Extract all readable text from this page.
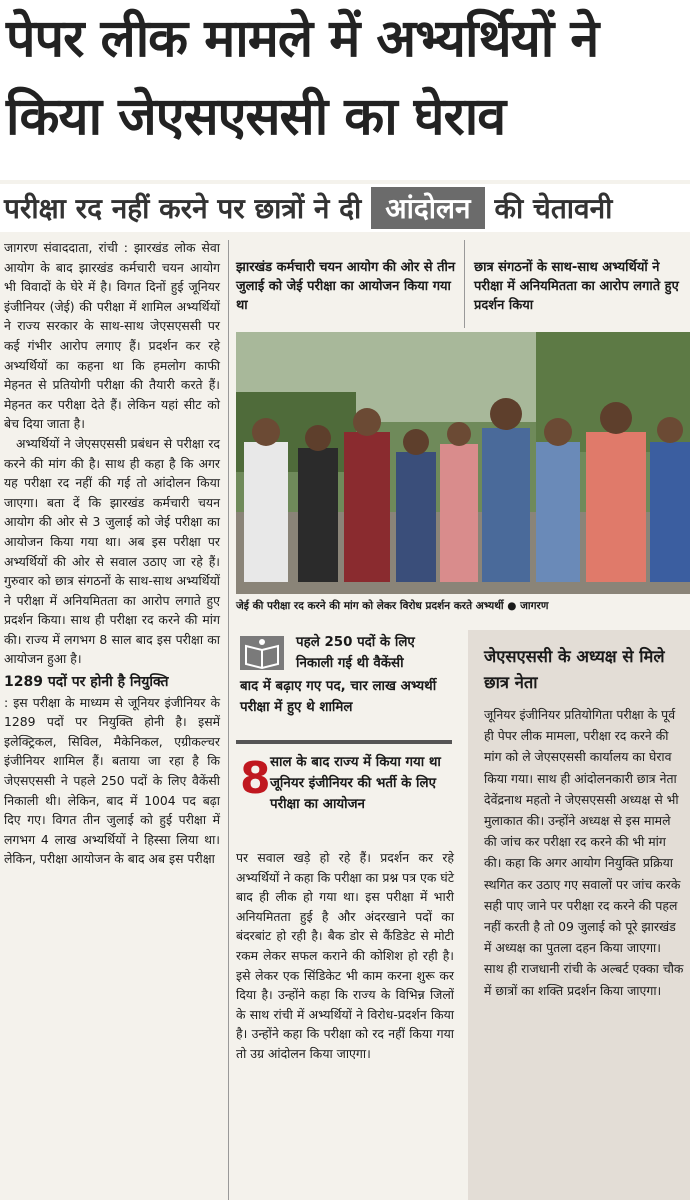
पेपर लीक मामले में अभ्यर्थियों ने
किया जेएसएससी का घेराव
परीक्षा रद नहीं करने पर छात्रों ने दी आंदोलन की चेतावनी

जागरण संवाददाता, रांची : झारखंड लोक सेवा आयोग के बाद झारखंड कर्मचारी चयन आयोग भी विवादों के घेरे में है। विगत दिनों हुई जूनियर इंजीनियर (जेई) की परीक्षा में शामिल अभ्यर्थियों ने राज्य सरकार के साथ-साथ जेएसएससी पर कई गंभीर आरोप लगाए हैं। प्रदर्शन कर रहे अभ्यर्थियों का कहना था कि हमलोग काफी मेहनत से प्रतियोगी परीक्षा की तैयारी करते हैं। मेहनत कर परीक्षा देते हैं। लेकिन यहां सीट को बेच दिया जाता है।

अभ्यर्थियों ने जेएसएससी प्रबंधन से परीक्षा रद करने की मांग की है। साथ ही कहा है कि अगर यह परीक्षा रद नहीं की गई तो आंदोलन किया जाएगा। बता दें कि झारखंड कर्मचारी चयन आयोग की ओर से 3 जुलाई को जेई परीक्षा का आयोजन किया गया था। अब इस परीक्षा पर अभ्यर्थियों की ओर से सवाल उठाए जा रहे हैं। गुरुवार को छात्र संगठनों के साथ-साथ अभ्यर्थियों ने परीक्षा में अनियमितता का आरोप लगाते हुए प्रदर्शन किया। साथ ही परीक्षा रद करने की मांग की। राज्य में लगभग 8 साल बाद इस परीक्षा का आयोजन हुआ है।

1289 पदों पर होनी है नियुक्ति

: इस परीक्षा के माध्यम से जूनियर इंजीनियर के 1289 पदों पर नियुक्ति होनी है। इसमें इलेक्ट्रिकल, सिविल, मैकेनिकल, एग्रीकल्चर इंजीनियर शामिल हैं। बताया जा रहा है कि जेएसएससी ने पहले 250 पदों के लिए वैकेंसी निकाली थी। लेकिन, बाद में 1004 पद बढ़ा दिए गए। विगत तीन जुलाई को हुई परीक्षा में लगभग 4 लाख अभ्यर्थियों ने हिस्सा लिया था। लेकिन, परीक्षा आयोजन के बाद अब इस परीक्षा

झारखंड कर्मचारी चयन आयोग की ओर से तीन जुलाई को जेई परीक्षा का आयोजन किया गया था
छात्र संगठनों के साथ-साथ अभ्यर्थियों ने परीक्षा में अनियमितता का आरोप लगाते हुए प्रदर्शन किया
जेई की परीक्षा रद करने की मांग को लेकर विरोध प्रदर्शन करते अभ्यर्थी ● जागरण
पहले 250 पदों के लिए निकाली गई थी वैकेंसी
बाद में बढ़ाए गए पद, चार लाख अभ्यर्थी परीक्षा में हुए थे शामिल
8 साल के बाद राज्य में किया गया था जूनियर इंजीनियर की भर्ती के लिए परीक्षा का आयोजन

पर सवाल खड़े हो रहे हैं। प्रदर्शन कर रहे अभ्यर्थियों ने कहा कि परीक्षा का प्रश्न पत्र एक घंटे बाद ही लीक हो गया था। इस परीक्षा में भारी अनियमितता हुई है और अंदरखाने पदों का बंदरबांट हो रही है। बैक डोर से कैंडिडेट से मोटी रकम लेकर सफल कराने की कोशिश हो रही है। इसे लेकर एक सिंडिकेट भी काम करना शुरू कर दिया है। उन्होंने कहा कि राज्य के विभिन्न जिलों के साथ रांची में अभ्यर्थियों ने विरोध-प्रदर्शन किया है। उन्होंने कहा कि परीक्षा को रद नहीं किया गया तो उग्र आंदोलन किया जाएगा।

जेएसएससी के अध्यक्ष से मिले छात्र नेता
जूनियर इंजीनियर प्रतियोगिता परीक्षा के पूर्व ही पेपर लीक मामला, परीक्षा रद करने की मांग को ले जेएसएससी कार्यालय का घेराव किया गया। साथ ही आंदोलनकारी छात्र नेता देवेंद्रनाथ महतो ने जेएसएससी अध्यक्ष से भी मुलाकात की। उन्होंने अध्यक्ष से इस मामले की जांच कर परीक्षा रद करने की भी मांग की। कहा कि अगर आयोग नियुक्ति प्रक्रिया स्थगित कर उठाए गए सवालों पर जांच करके सही पाए जाने पर परीक्षा रद करने की पहल नहीं करती है तो 09 जुलाई को पूरे झारखंड में अध्यक्ष का पुतला दहन किया जाएगा। साथ ही राजधानी रांची के अल्बर्ट एक्का चौक में छात्रों का शक्ति प्रदर्शन किया जाएगा।
